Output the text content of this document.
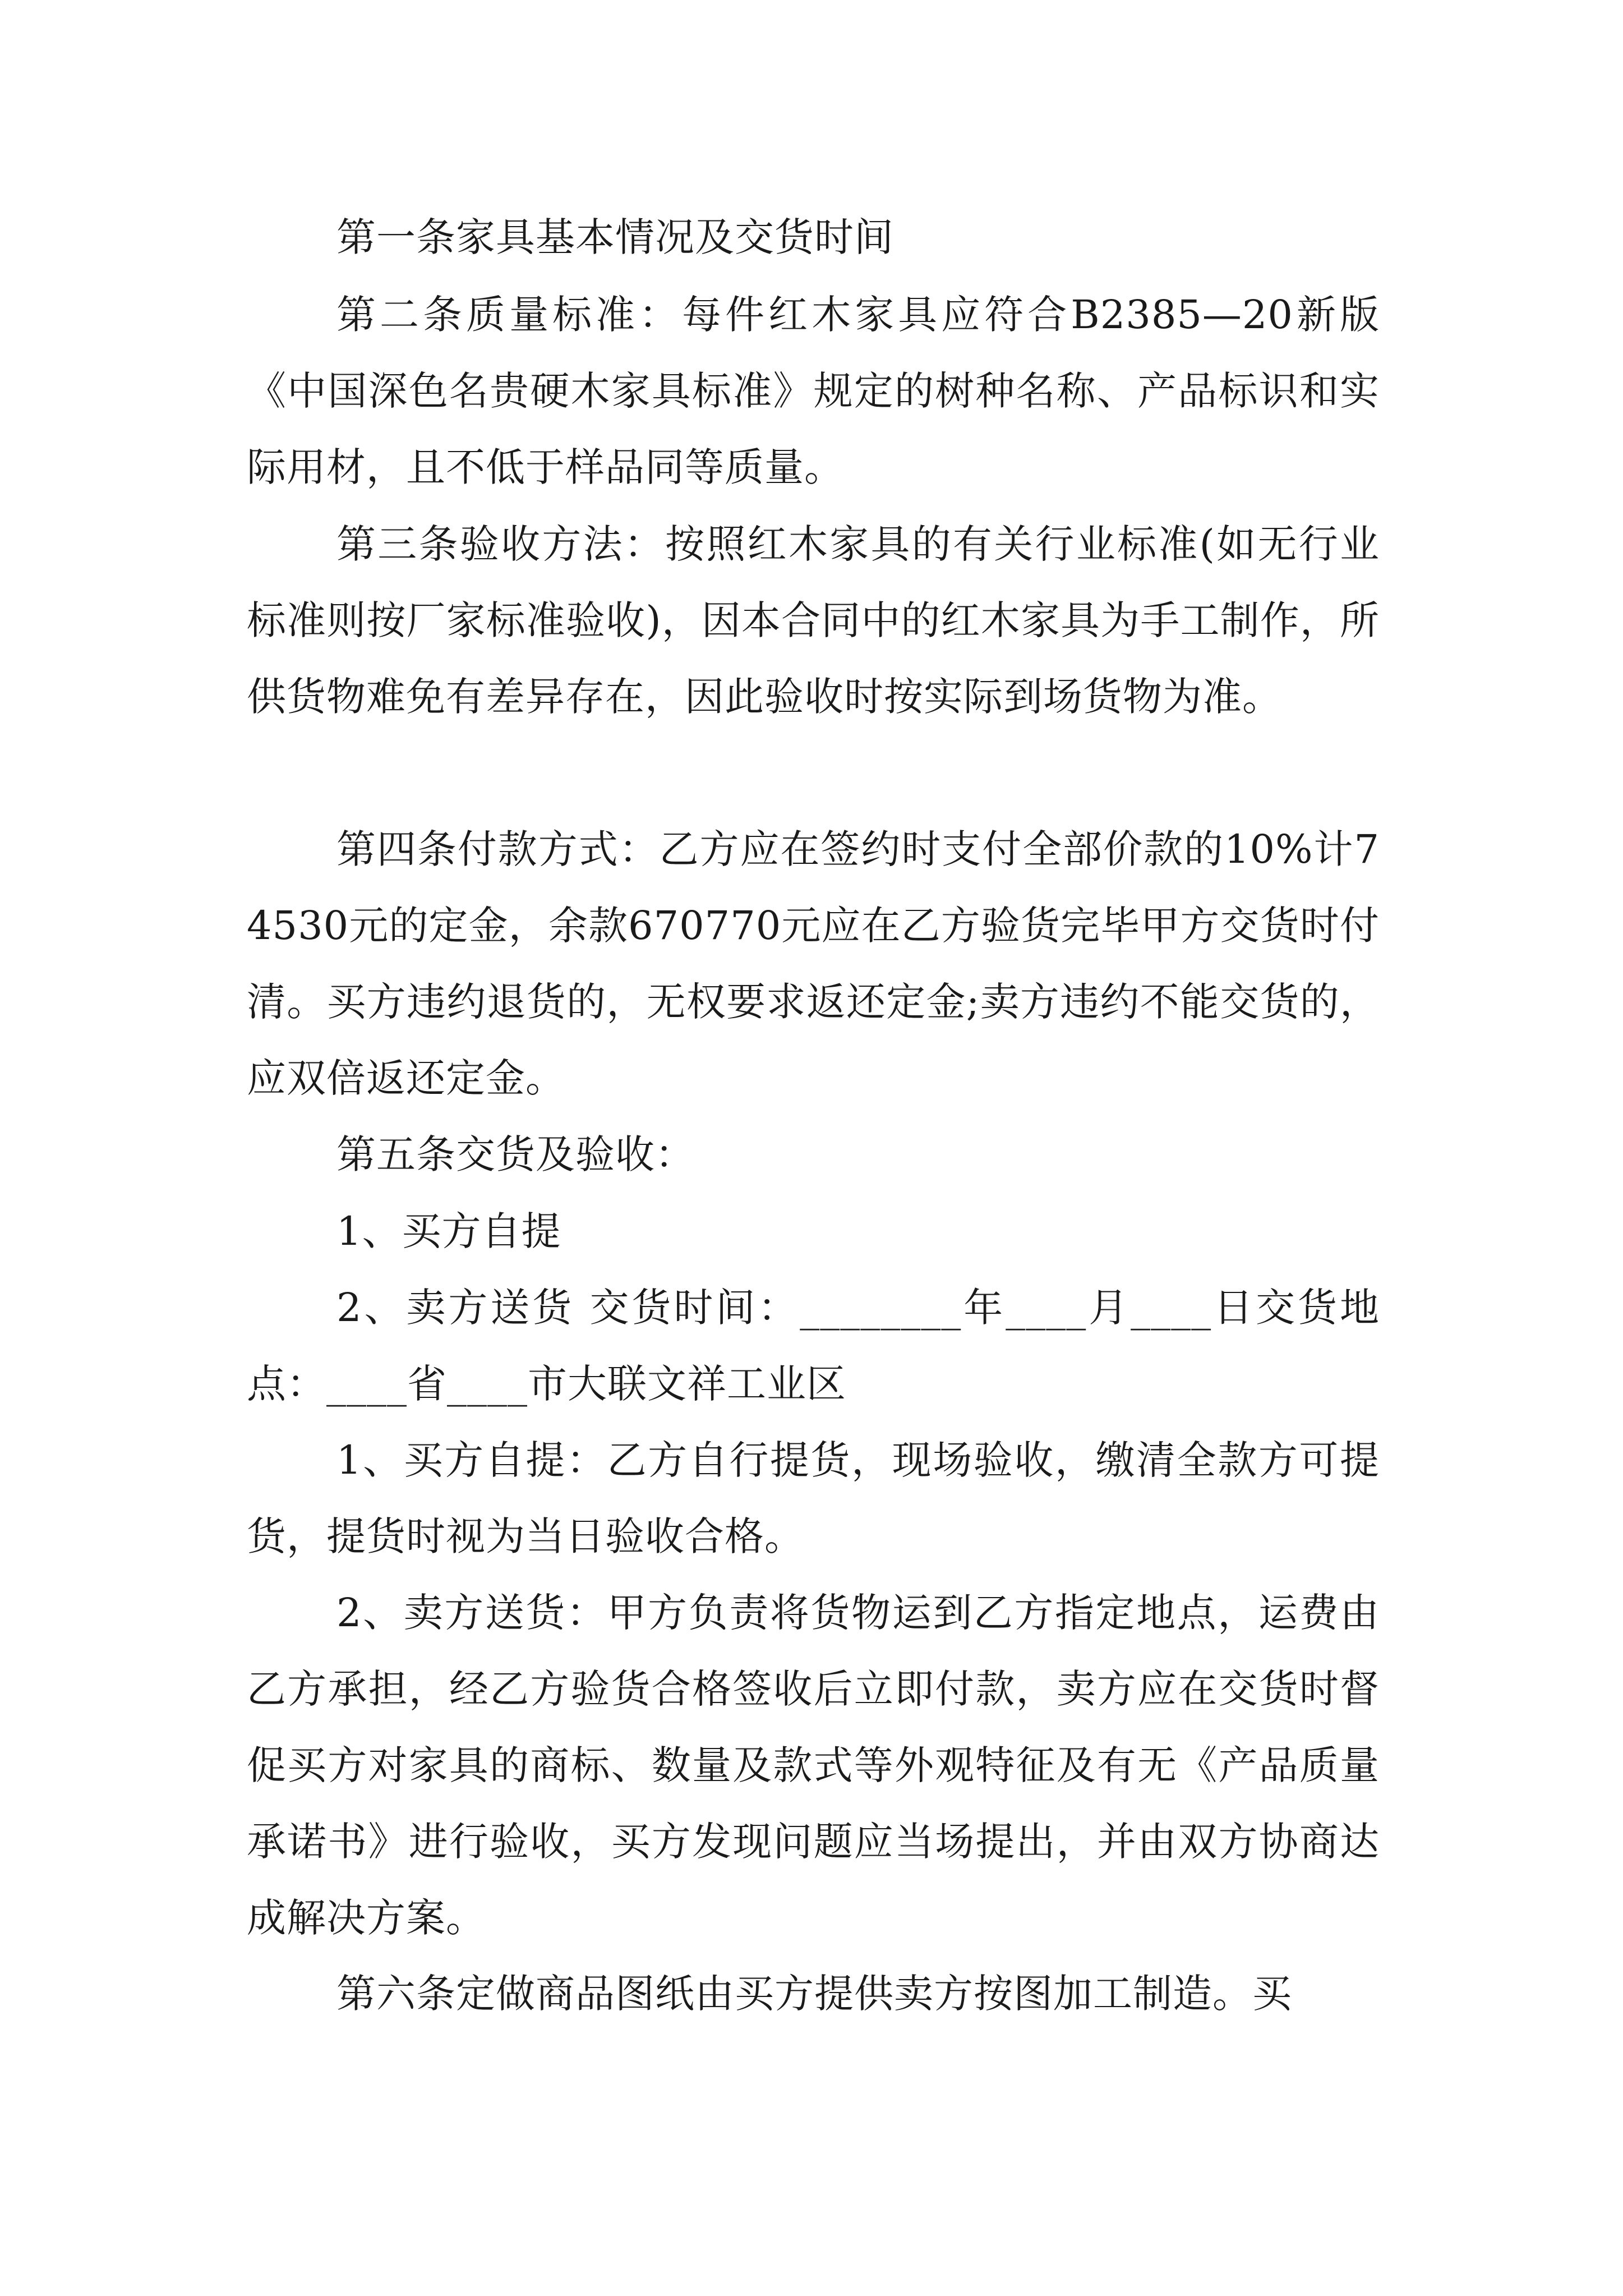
第一条家具基本情况及交货时间

第二条质量标准：每件红木家具应符合B2385—20新版《中国深色名贵硬木家具标准》规定的树种名称、产品标识和实际用材，且不低于样品同等质量。

第三条验收方法：按照红木家具的有关行业标准(如无行业标准则按厂家标准验收)，因本合同中的红木家具为手工制作，所供货物难免有差异存在，因此验收时按实际到场货物为准。

第四条付款方式：乙方应在签约时支付全部价款的10%计74530元的定金，余款670770元应在乙方验货完毕甲方交货时付清。买方违约退货的，无权要求返还定金;卖方违约不能交货的，应双倍返还定金。

第五条交货及验收：

1、买方自提

2、卖方送货 交货时间：________年____月____日交货地点：____省____市大联文祥工业区

1、买方自提：乙方自行提货，现场验收，缴清全款方可提货，提货时视为当日验收合格。

2、卖方送货：甲方负责将货物运到乙方指定地点，运费由乙方承担，经乙方验货合格签收后立即付款，卖方应在交货时督促买方对家具的商标、数量及款式等外观特征及有无《产品质量承诺书》进行验收，买方发现问题应当场提出，并由双方协商达成解决方案。

第六条定做商品图纸由买方提供卖方按图加工制造。买
